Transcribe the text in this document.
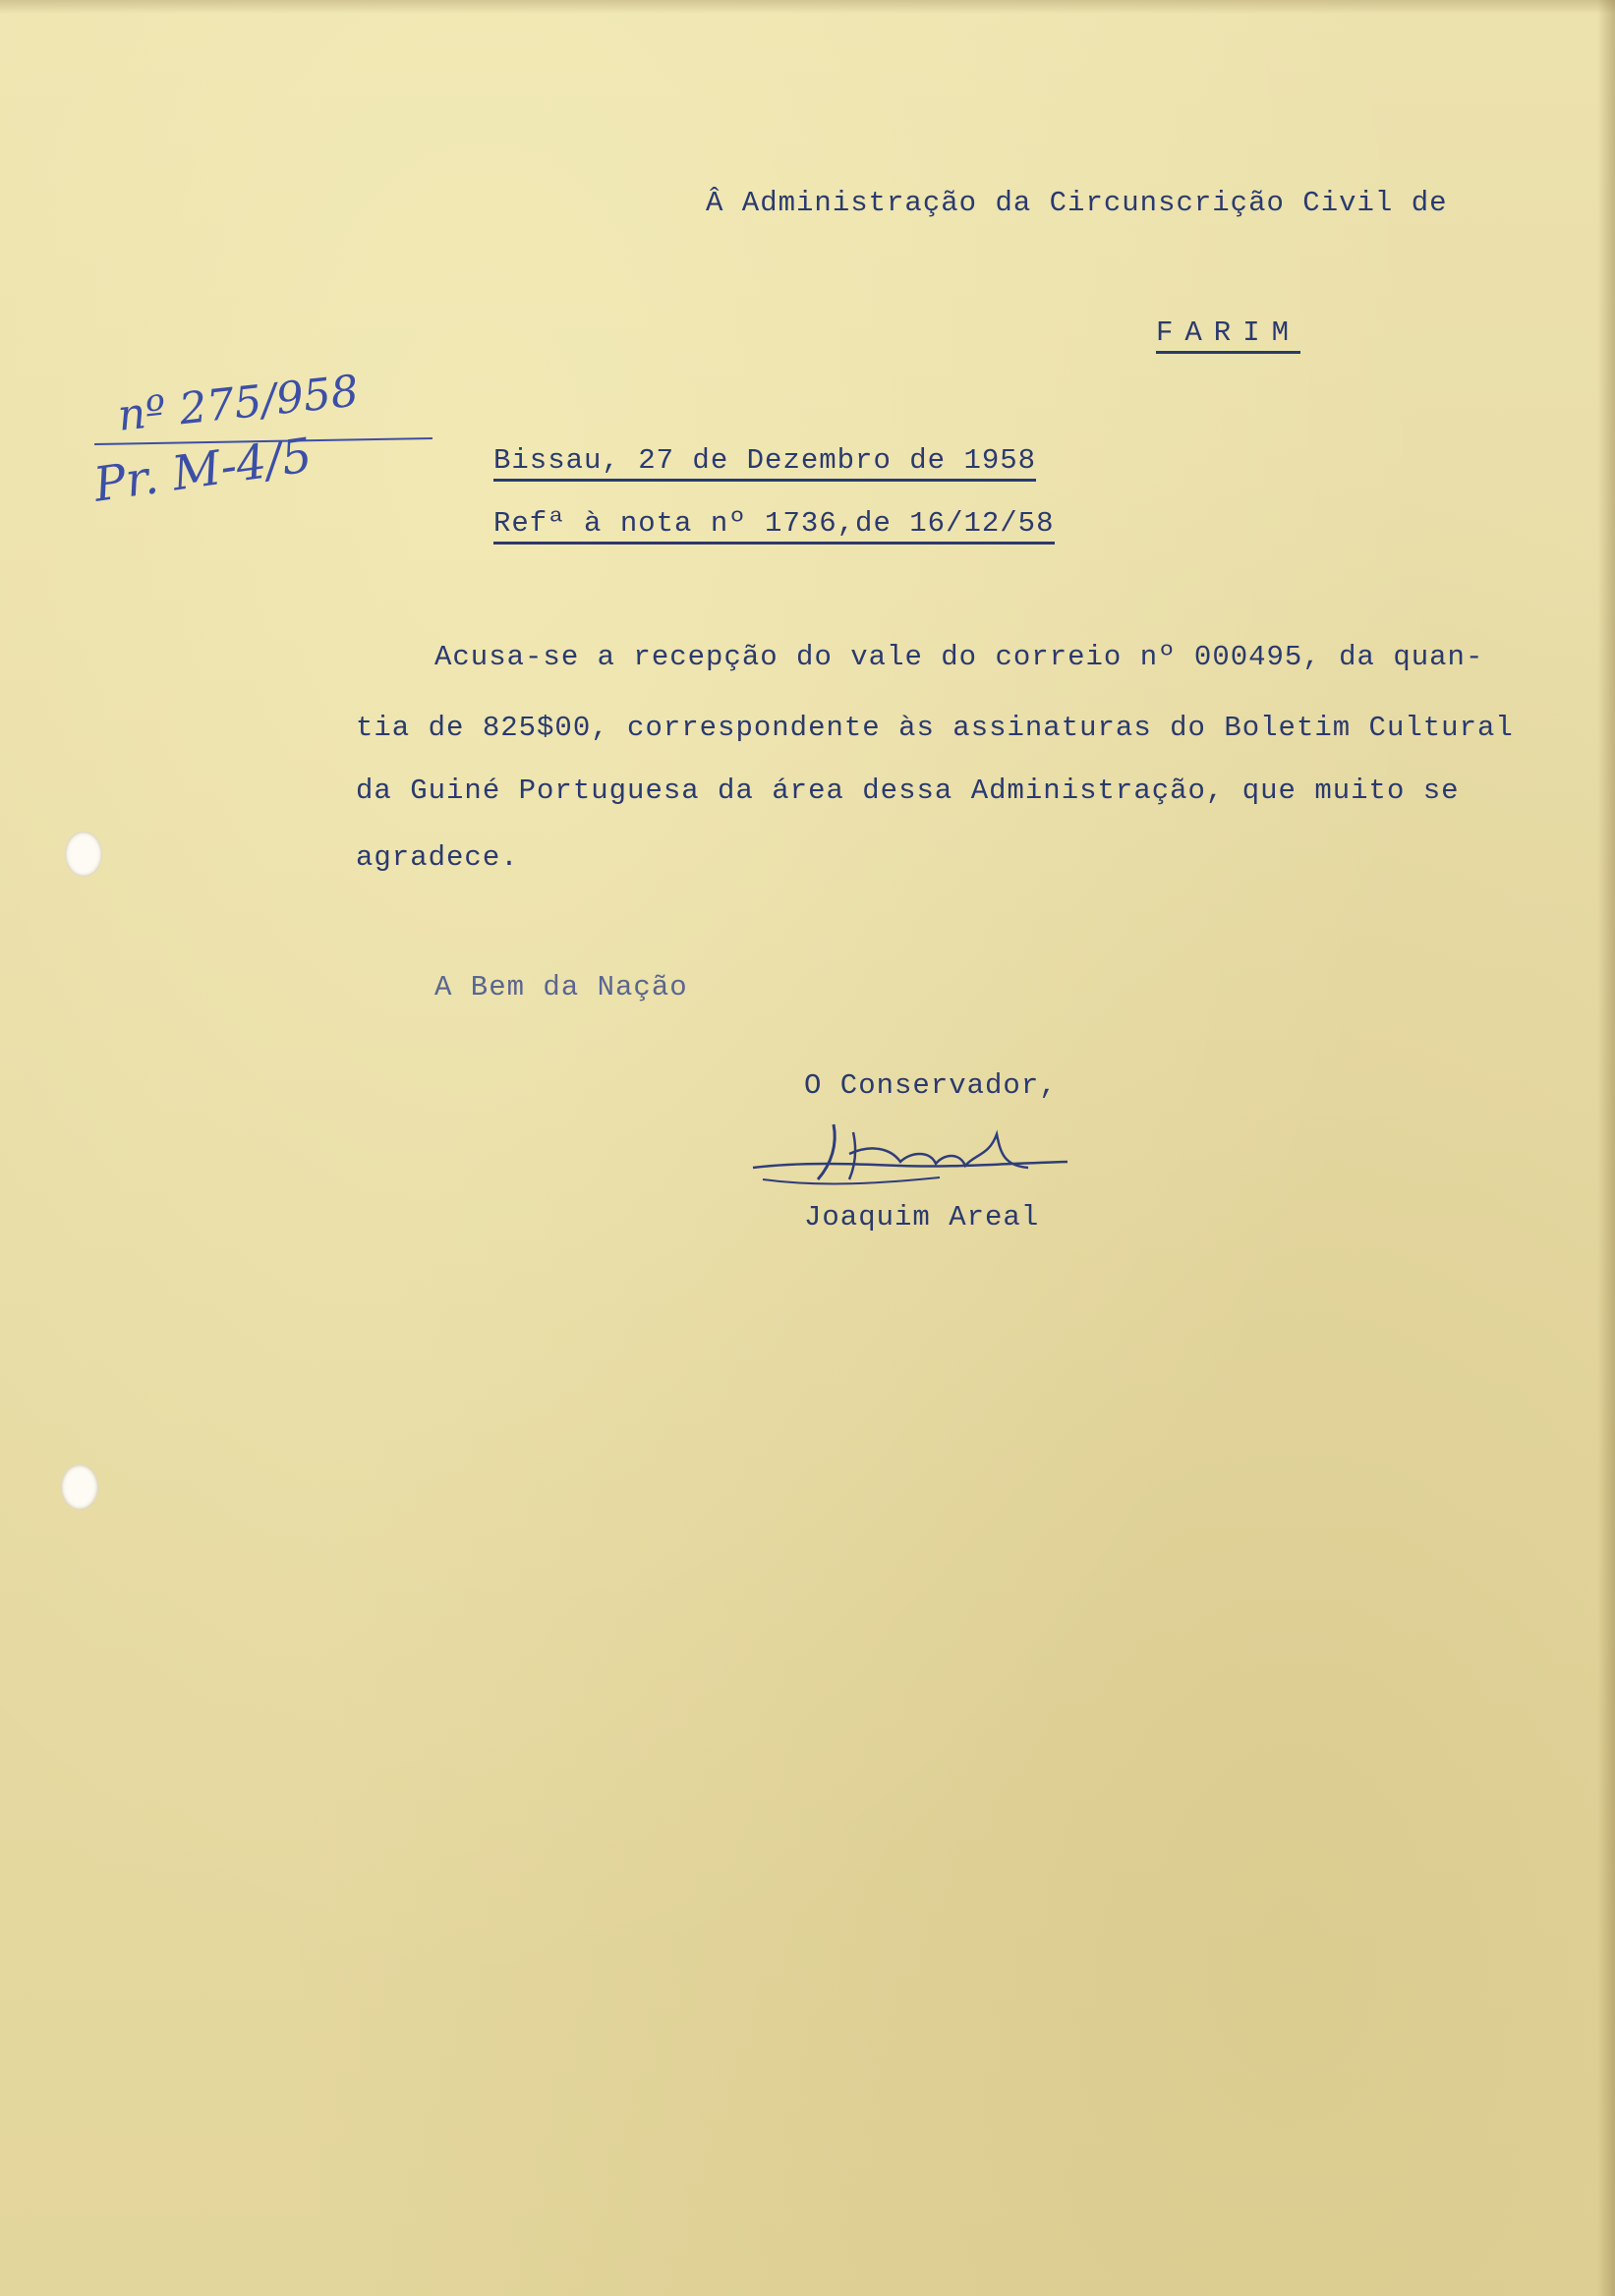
Â Administração da Circunscrição Civil de
FARIM
nº 275/958
Pr. M-4/5	Bissau, 27 de Dezembro de 1958
Refª à nota nº 1736,de 16/12/58
Acusa-se a recepção do vale do correio nº 000495, da quan-
tia de 825$00, correspondente às assinaturas do Boletim Cultural
da Guiné Portuguesa da área dessa Administração, que muito se
agradece.
A Bem da Nação
O Conservador,
Joaquim Areal
